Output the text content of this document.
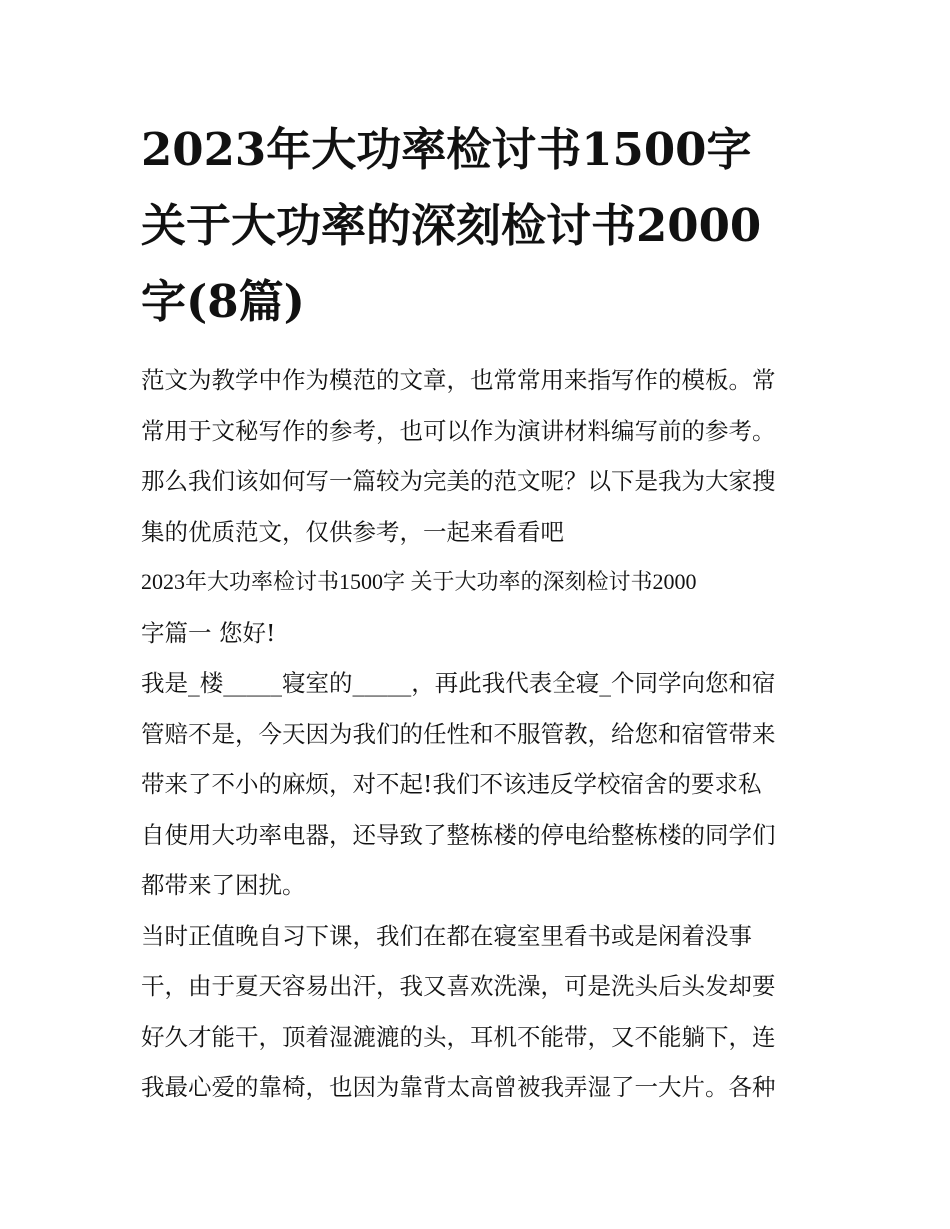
2023年大功率检讨书1500字
关于大功率的深刻检讨书2000
字(8篇)
范文为教学中作为模范的文章，也常常用来指写作的模板。常
常用于文秘写作的参考，也可以作为演讲材料编写前的参考。
那么我们该如何写一篇较为完美的范文呢？以下是我为大家搜
集的优质范文，仅供参考，一起来看看吧
2023年大功率检讨书1500字 关于大功率的深刻检讨书2000
字篇一 您好!
我是_楼_____寝室的_____，再此我代表全寝_个同学向您和宿
管赔不是，今天因为我们的任性和不服管教，给您和宿管带来
带来了不小的麻烦，对不起!我们不该违反学校宿舍的要求私
自使用大功率电器，还导致了整栋楼的停电给整栋楼的同学们
都带来了困扰。
当时正值晚自习下课，我们在都在寝室里看书或是闲着没事
干，由于夏天容易出汗，我又喜欢洗澡，可是洗头后头发却要
好久才能干，顶着湿漉漉的头，耳机不能带，又不能躺下，连
我最心爱的靠椅，也因为靠背太高曾被我弄湿了一大片。各种
